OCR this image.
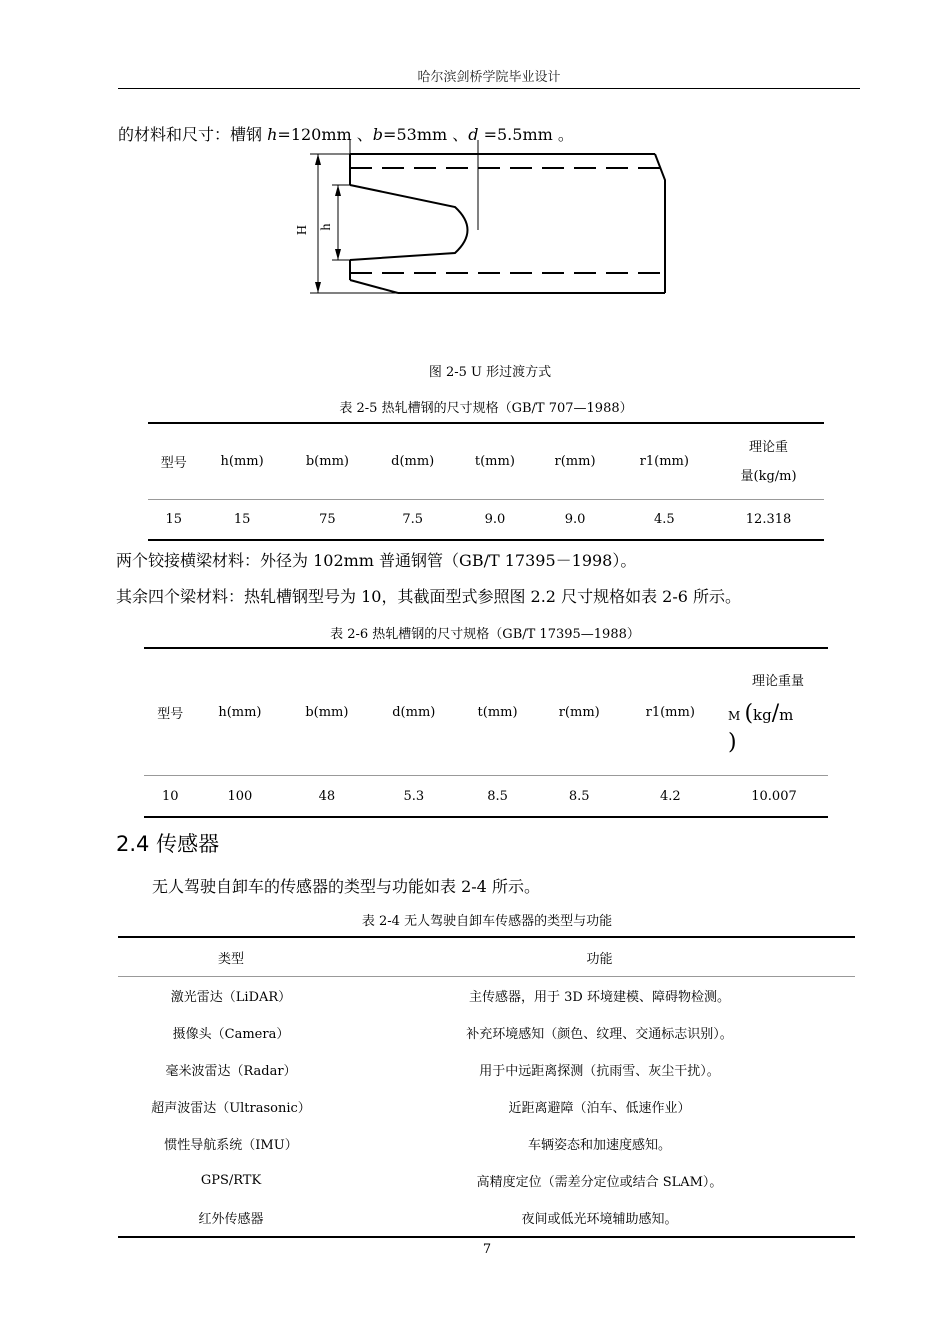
哈尔滨剑桥学院毕业设计
的材料和尺寸：槽钢 h=120mm 、b=53mm 、d =5.5mm 。
H h
图 2-5 U 形过渡方式
表 2-5 热轧槽钢的尺寸规格（GB/T 707—1988）
型号	h(mm)	b(mm)	d(mm)	t(mm)	r(mm)	r1(mm)	理论重
量(kg/m)
15	15	75	7.5	9.0	9.0	4.5	12.318
两个铰接横梁材料：外径为 102mm 普通钢管（GB/T 17395－1998）。
其余四个梁材料：热轧槽钢型号为 10，其截面型式参照图 2.2 尺寸规格如表 2-6 所示。
表 2-6 热轧槽钢的尺寸规格（GB/T 17395—1988）
型号	h(mm)	b(mm)	d(mm)	t(mm)	r(mm)	r1(mm)	理论重量
M (kg/m
)

10	100	48	5.3	8.5	8.5	4.2	10.007
2.4 传感器
无人驾驶自卸车的传感器的类型与功能如表 2-4 所示。
表 2-4 无人驾驶自卸车传感器的类型与功能
类型	功能
激光雷达（LiDAR）	主传感器，用于 3D 环境建模、障碍物检测。
摄像头（Camera）	补充环境感知（颜色、纹理、交通标志识别）。
毫米波雷达（Radar）	用于中远距离探测（抗雨雪、灰尘干扰）。
超声波雷达（Ultrasonic）	近距离避障（泊车、低速作业）
惯性导航系统（IMU）	车辆姿态和加速度感知。
GPS/RTK	高精度定位（需差分定位或结合 SLAM）。
红外传感器	夜间或低光环境辅助感知。
7
